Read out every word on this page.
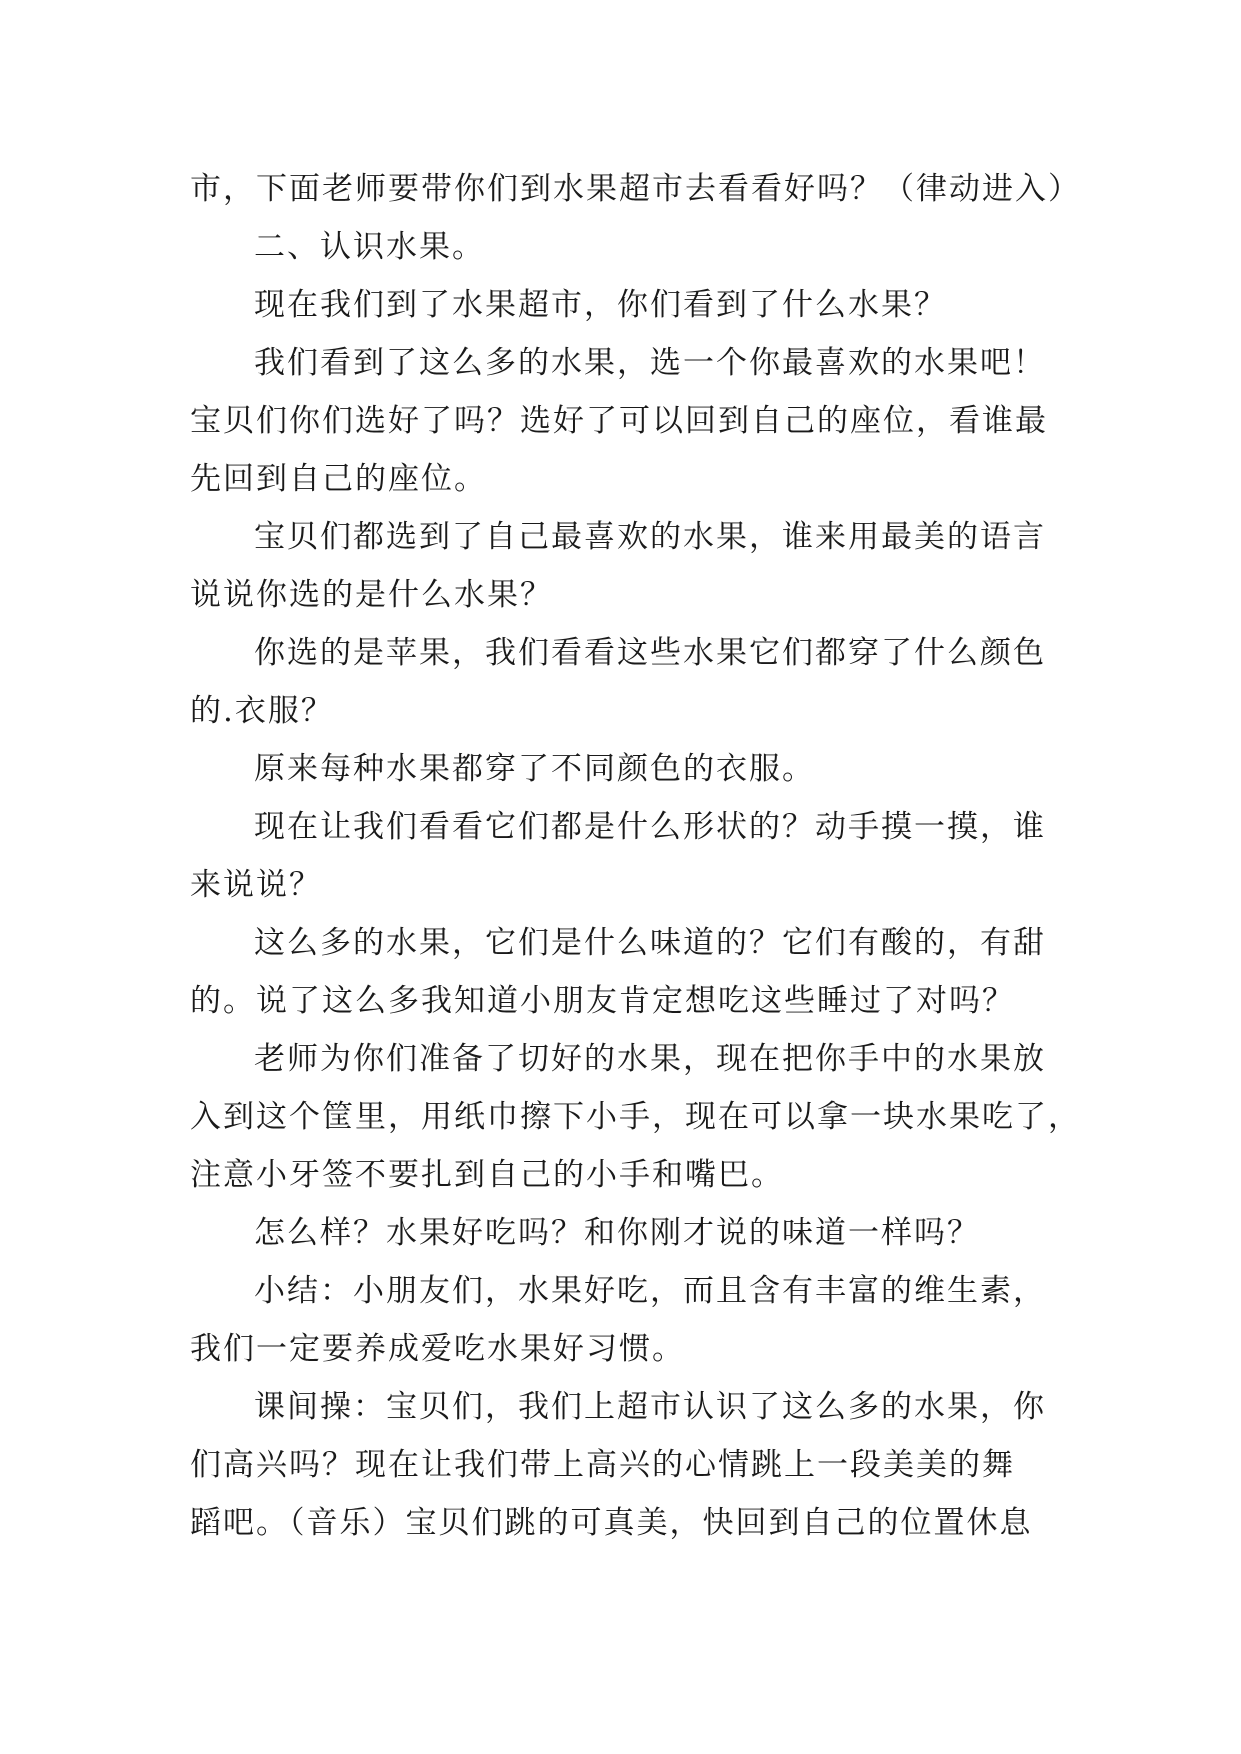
市，下面老师要带你们到水果超市去看看好吗？（律动进入）

二、认识水果。

现在我们到了水果超市，你们看到了什么水果？

我们看到了这么多的水果，选一个你最喜欢的水果吧！

宝贝们你们选好了吗？选好了可以回到自己的座位，看谁最

先回到自己的座位。

宝贝们都选到了自己最喜欢的水果，谁来用最美的语言

说说你选的是什么水果？

你选的是苹果，我们看看这些水果它们都穿了什么颜色

的.衣服？

原来每种水果都穿了不同颜色的衣服。

现在让我们看看它们都是什么形状的？动手摸一摸，谁

来说说？

这么多的水果，它们是什么味道的？它们有酸的，有甜

的。说了这么多我知道小朋友肯定想吃这些睡过了对吗？

老师为你们准备了切好的水果，现在把你手中的水果放

入到这个筐里，用纸巾擦下小手，现在可以拿一块水果吃了，

注意小牙签不要扎到自己的小手和嘴巴。

怎么样？水果好吃吗？和你刚才说的味道一样吗？

小结：小朋友们，水果好吃，而且含有丰富的维生素，

我们一定要养成爱吃水果好习惯。

课间操：宝贝们，我们上超市认识了这么多的水果，你

们高兴吗？现在让我们带上高兴的心情跳上一段美美的舞

蹈吧。（音乐）宝贝们跳的可真美，快回到自己的位置休息
